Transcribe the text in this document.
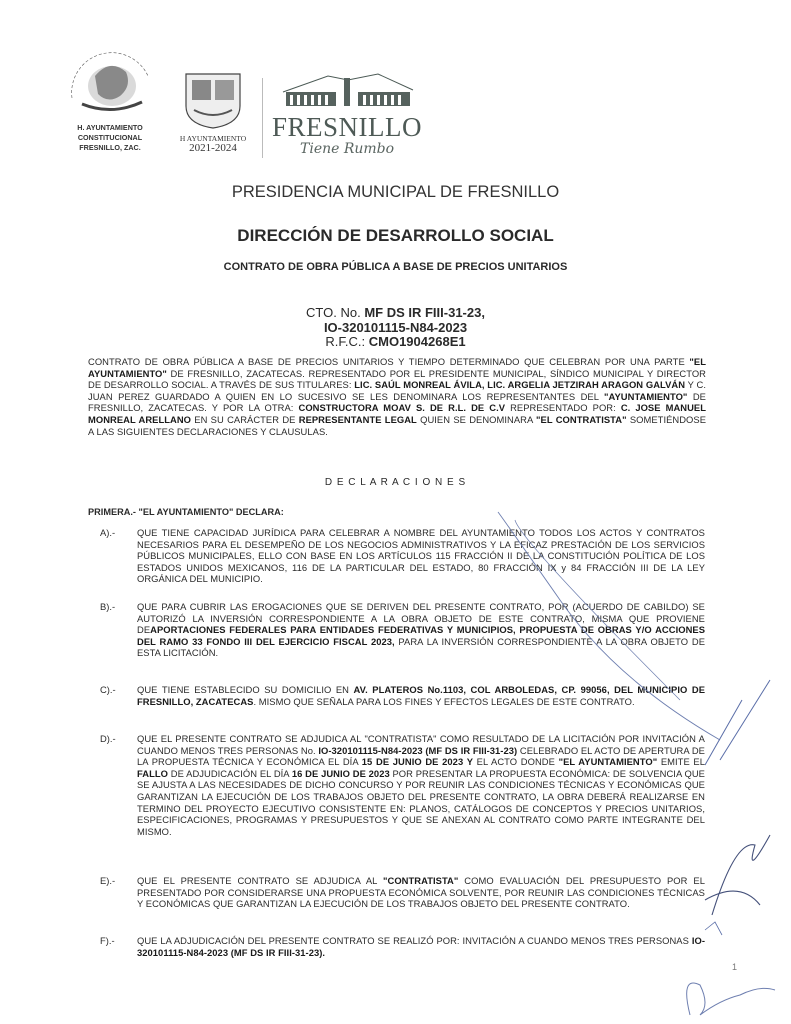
H. AYUNTAMIENTO
CONSTITUCIONAL
FRESNILLO, ZAC.
H AYUNTAMIENTO
2021-2024
FRESNILLO
Tiene Rumbo
PRESIDENCIA MUNICIPAL DE FRESNILLO
DIRECCIÓN DE DESARROLLO SOCIAL
CONTRATO DE OBRA PÚBLICA A BASE DE PRECIOS UNITARIOS
CTO. No. MF DS IR FIII-31-23,
IO-320101115-N84-2023
R.F.C.: CMO1904268E1
CONTRATO DE OBRA PÚBLICA A BASE DE PRECIOS UNITARIOS Y TIEMPO DETERMINADO QUE CELEBRAN POR UNA PARTE "EL AYUNTAMIENTO" DE FRESNILLO, ZACATECAS. REPRESENTADO POR EL PRESIDENTE MUNICIPAL, SÍNDICO MUNICIPAL Y DIRECTOR DE DESARROLLO SOCIAL. A TRAVÉS DE SUS TITULARES: LIC. SAÚL MONREAL ÁVILA, LIC. ARGELIA JETZIRAH ARAGON GALVÁN Y C. JUAN PEREZ GUARDADO A QUIEN EN LO SUCESIVO SE LES DENOMINARA LOS REPRESENTANTES DEL "AYUNTAMIENTO" DE FRESNILLO, ZACATECAS. Y POR LA OTRA: CONSTRUCTORA MOAV S. DE R.L. DE C.V REPRESENTADO POR: C. JOSE MANUEL MONREAL ARELLANO EN SU CARÁCTER DE REPRESENTANTE LEGAL QUIEN SE DENOMINARA "EL CONTRATISTA" SOMETIÉNDOSE A LAS SIGUIENTES DECLARACIONES Y CLAUSULAS.
D E C L A R A C I O N E S
PRIMERA.- "EL AYUNTAMIENTO" DECLARA:
A).- QUE TIENE CAPACIDAD JURÍDICA PARA CELEBRAR A NOMBRE DEL AYUNTAMIENTO TODOS LOS ACTOS Y CONTRATOS NECESARIOS PARA EL DESEMPEÑO DE LOS NEGOCIOS ADMINISTRATIVOS Y LA EFICAZ PRESTACIÓN DE LOS SERVICIOS PÚBLICOS MUNICIPALES, ELLO CON BASE EN LOS ARTÍCULOS 115 FRACCIÓN II DE LA CONSTITUCIÓN POLÍTICA DE LOS ESTADOS UNIDOS MEXICANOS, 116 DE LA PARTICULAR DEL ESTADO, 80 FRACCIÓN IX y 84 FRACCIÓN III DE LA LEY ORGÁNICA DEL MUNICIPIO.
B).- QUE PARA CUBRIR LAS EROGACIONES QUE SE DERIVEN DEL PRESENTE CONTRATO, POR (ACUERDO DE CABILDO) SE AUTORIZÓ LA INVERSIÓN CORRESPONDIENTE A LA OBRA OBJETO DE ESTE CONTRATO, MISMA QUE PROVIENE DEAPORTACIONES FEDERALES PARA ENTIDADES FEDERATIVAS Y MUNICIPIOS, PROPUESTA DE OBRAS Y/O ACCIONES DEL RAMO 33 FONDO III DEL EJERCICIO FISCAL 2023, PARA LA INVERSIÓN CORRESPONDIENTE A LA OBRA OBJETO DE ESTA LICITACIÓN.
C).- QUE TIENE ESTABLECIDO SU DOMICILIO EN AV. PLATEROS No.1103, COL ARBOLEDAS, CP. 99056, DEL MUNICIPIO DE FRESNILLO, ZACATECAS. MISMO QUE SEÑALA PARA LOS FINES Y EFECTOS LEGALES DE ESTE CONTRATO.
D).- QUE EL PRESENTE CONTRATO SE ADJUDICA AL "CONTRATISTA" COMO RESULTADO DE LA LICITACIÓN POR INVITACIÓN A CUANDO MENOS TRES PERSONAS No. IO-320101115-N84-2023 (MF DS IR FIII-31-23) CELEBRADO EL ACTO DE APERTURA DE LA PROPUESTA TÉCNICA Y ECONÓMICA EL DÍA 15 DE JUNIO DE 2023 Y EL ACTO DONDE "EL AYUNTAMIENTO" EMITE EL FALLO DE ADJUDICACIÓN EL DÍA 16 DE JUNIO DE 2023 POR PRESENTAR LA PROPUESTA ECONÓMICA: DE SOLVENCIA QUE SE AJUSTA A LAS NECESIDADES DE DICHO CONCURSO Y POR REUNIR LAS CONDICIONES TÉCNICAS Y ECONÓMICAS QUE GARANTIZAN LA EJECUCIÓN DE LOS TRABAJOS OBJETO DEL PRESENTE CONTRATO, LA OBRA DEBERÁ REALIZARSE EN TERMINO DEL PROYECTO EJECUTIVO CONSISTENTE EN: PLANOS, CATÁLOGOS DE CONCEPTOS Y PRECIOS UNITARIOS, ESPECIFICACIONES, PROGRAMAS Y PRESUPUESTOS Y QUE SE ANEXAN AL CONTRATO COMO PARTE INTEGRANTE DEL MISMO.
E).- QUE EL PRESENTE CONTRATO SE ADJUDICA AL "CONTRATISTA" COMO EVALUACIÓN DEL PRESUPUESTO POR EL PRESENTADO POR CONSIDERARSE UNA PROPUESTA ECONÓMICA SOLVENTE, POR REUNIR LAS CONDICIONES TÉCNICAS Y ECONÓMICAS QUE GARANTIZAN LA EJECUCIÓN DE LOS TRABAJOS OBJETO DEL PRESENTE CONTRATO.
F).- QUE LA ADJUDICACIÓN DEL PRESENTE CONTRATO SE REALIZÓ POR: INVITACIÓN A CUANDO MENOS TRES PERSONAS IO-320101115-N84-2023 (MF DS IR FIII-31-23).
1
